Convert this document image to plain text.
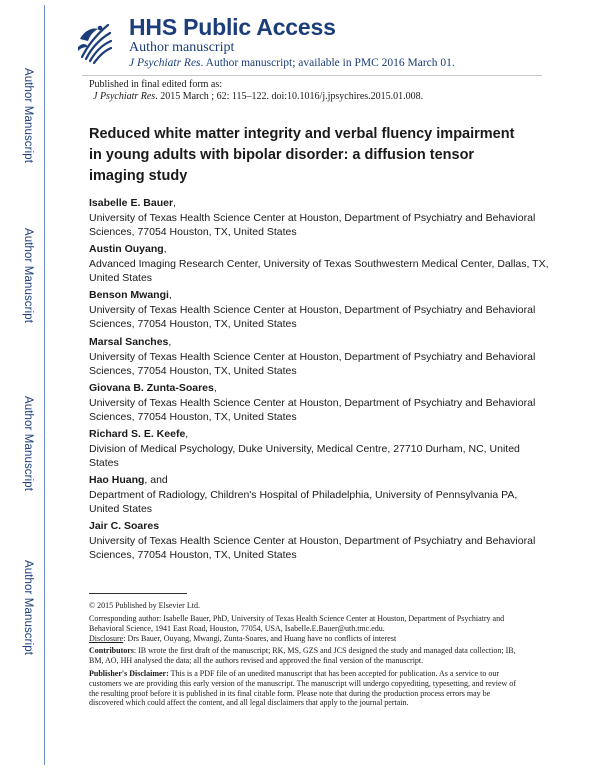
Author Manuscript
Author Manuscript
Author Manuscript
Author Manuscript
HHS Public Access
Author manuscript
J Psychiatr Res. Author manuscript; available in PMC 2016 March 01.
Published in final edited form as:
J Psychiatr Res. 2015 March ; 62: 115–122. doi:10.1016/j.jpsychires.2015.01.008.
Reduced white matter integrity and verbal fluency impairment in young adults with bipolar disorder: a diffusion tensor imaging study
Isabelle E. Bauer,
University of Texas Health Science Center at Houston, Department of Psychiatry and Behavioral Sciences, 77054 Houston, TX, United States
Austin Ouyang,
Advanced Imaging Research Center, University of Texas Southwestern Medical Center, Dallas, TX, United States
Benson Mwangi,
University of Texas Health Science Center at Houston, Department of Psychiatry and Behavioral Sciences, 77054 Houston, TX, United States
Marsal Sanches,
University of Texas Health Science Center at Houston, Department of Psychiatry and Behavioral Sciences, 77054 Houston, TX, United States
Giovana B. Zunta-Soares,
University of Texas Health Science Center at Houston, Department of Psychiatry and Behavioral Sciences, 77054 Houston, TX, United States
Richard S. E. Keefe,
Division of Medical Psychology, Duke University, Medical Centre, 27710 Durham, NC, United States
Hao Huang, and
Department of Radiology, Children's Hospital of Philadelphia, University of Pennsylvania PA, United States
Jair C. Soares
University of Texas Health Science Center at Houston, Department of Psychiatry and Behavioral Sciences, 77054 Houston, TX, United States
© 2015 Published by Elsevier Ltd.
Corresponding author: Isabelle Bauer, PhD, University of Texas Health Science Center at Houston, Department of Psychiatry and Behavioral Science, 1941 East Road, Houston, 77054, USA, Isabelle.E.Bauer@uth.tmc.edu.
Disclosure: Drs Bauer, Ouyang, Mwangi, Zunta-Soares, and Huang have no conflicts of interest
Contributors: IB wrote the first draft of the manuscript; RK, MS, GZS and JCS designed the study and managed data collection; IB, BM, AO, HH analysed the data; all the authors revised and approved the final version of the manuscript.
Publisher's Disclaimer: This is a PDF file of an unedited manuscript that has been accepted for publication. As a service to our customers we are providing this early version of the manuscript. The manuscript will undergo copyediting, typesetting, and review of the resulting proof before it is published in its final citable form. Please note that during the production process errors may be discovered which could affect the content, and all legal disclaimers that apply to the journal pertain.
